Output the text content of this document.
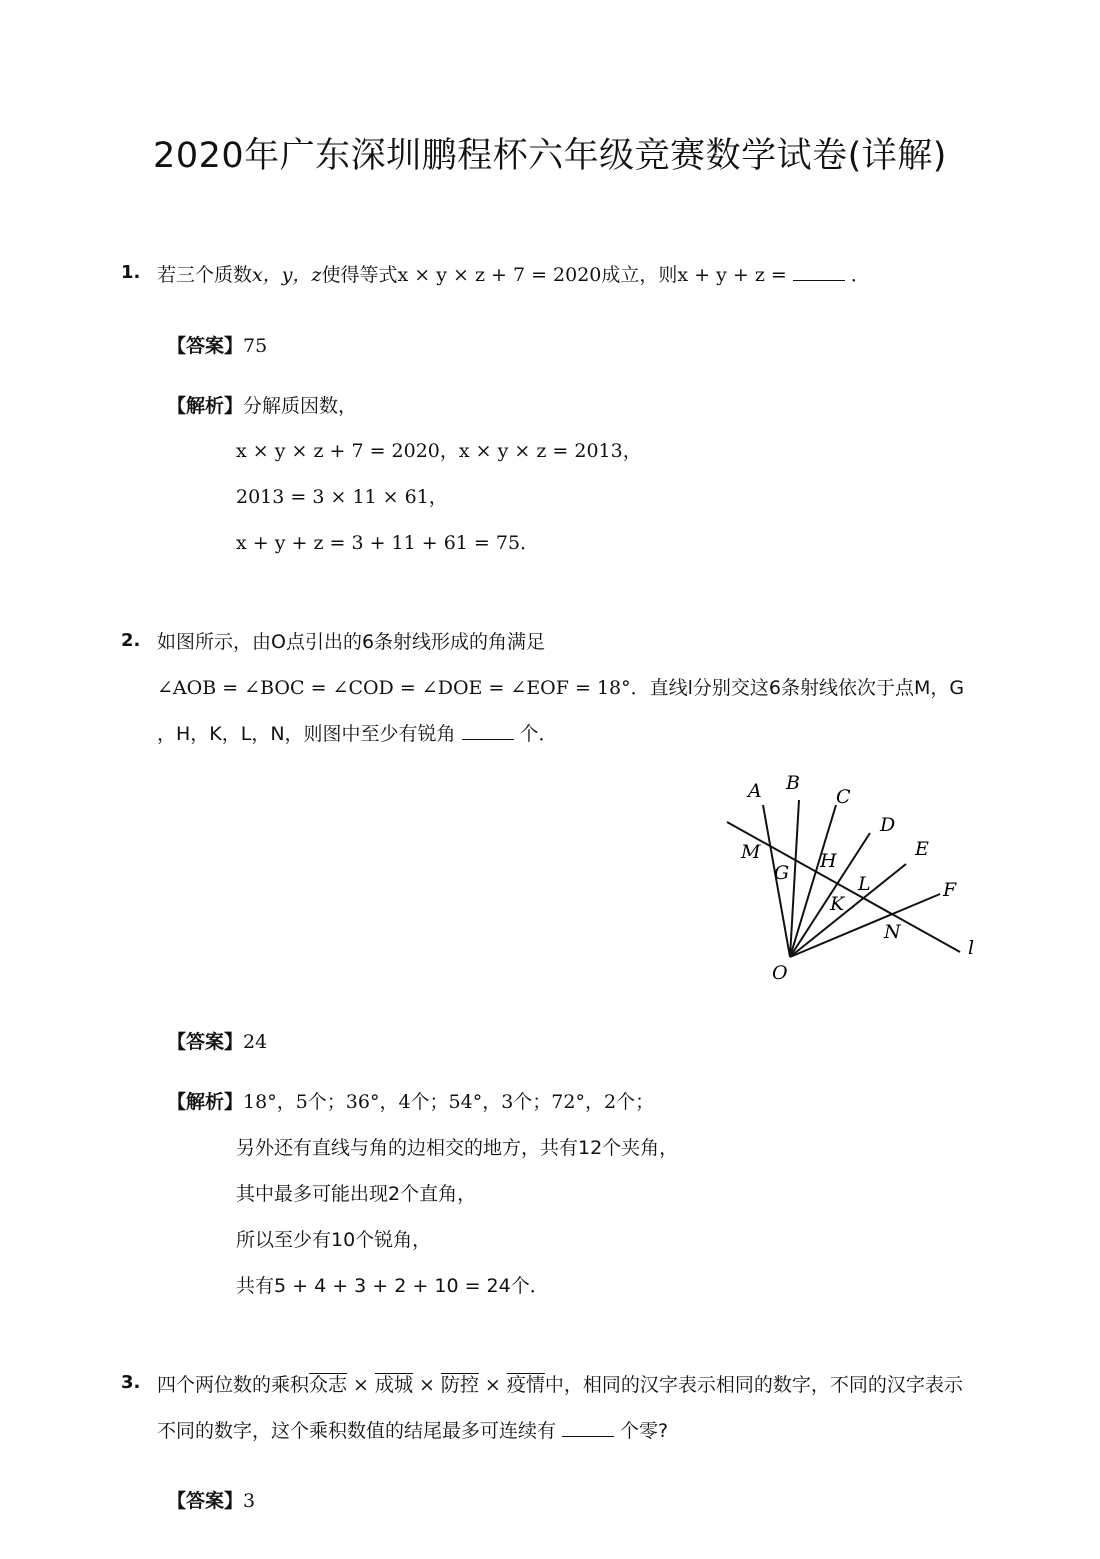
2020年广东深圳鹏程杯六年级竞赛数学试卷(详解)
1. 若三个质数x，y，z使得等式x × y × z + 7 = 2020成立，则x + y + z =	．
【答案】75
【解析】分解质因数，
x × y × z + 7 = 2020，x × y × z = 2013，
2013 = 3 × 11 × 61，
x + y + z = 3 + 11 + 61 = 75．
2. 如图所示，由O点引出的6条射线形成的角满足
∠AOB = ∠BOC = ∠COD = ∠DOE = ∠EOF = 18°．直线l分别交这6条射线依次于点M，G
，H，K，L，N，则图中至少有锐角	个．
A B
C
D
E
F
M
G
H
K
L
N
O
l
【答案】24
【解析】18°，5个；36°，4个；54°，3个；72°，2个；
另外还有直线与角的边相交的地方，共有12个夹角，
其中最多可能出现2个直角，
所以至少有10个锐角，
共有5 + 4 + 3 + 2 + 10 = 24个．
3. 四个两位数的乘积众志 × 成城 × 防控 × 疫情中，相同的汉字表示相同的数字，不同的汉字表示
不同的数字，这个乘积数值的结尾最多可连续有	个零?
【答案】3
